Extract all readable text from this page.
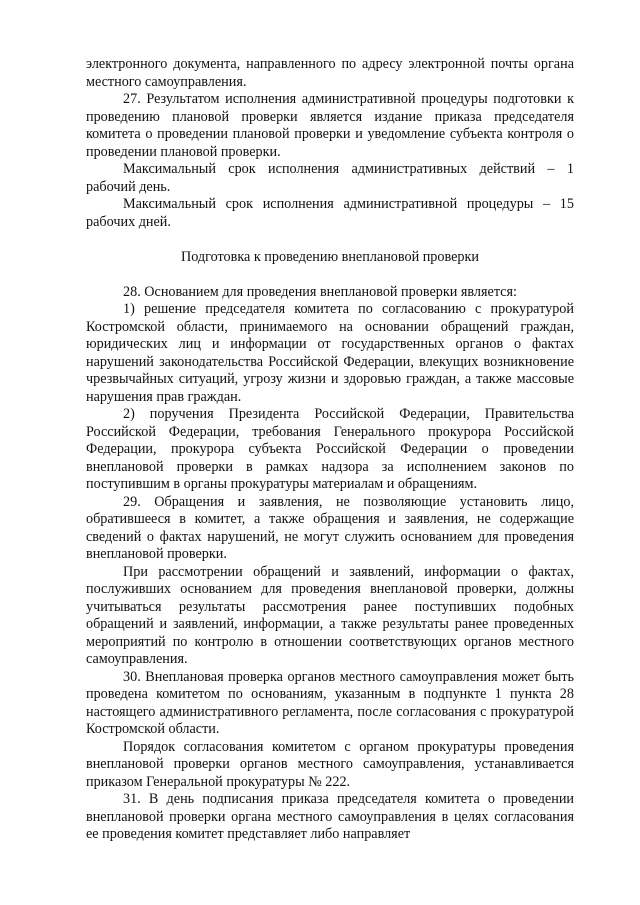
электронного документа, направленного по адресу электронной почты органа местного самоуправления.

27. Результатом исполнения административной процедуры подготовки к проведению плановой проверки является издание приказа председателя комитета о проведении плановой проверки и уведомление субъекта контроля о проведении плановой проверки.

Максимальный срок исполнения административных действий – 1 рабочий день.

Максимальный срок исполнения административной процедуры – 15 рабочих дней.

Подготовка к проведению внеплановой проверки

28. Основанием для проведения внеплановой проверки является:

1) решение председателя комитета по согласованию с прокуратурой Костромской области, принимаемого на основании обращений граждан, юридических лиц и информации от государственных органов о фактах нарушений законодательства Российской Федерации, влекущих возникновение чрезвычайных ситуаций, угрозу жизни и здоровью граждан, а также массовые нарушения прав граждан.

2) поручения Президента Российской Федерации, Правительства Российской Федерации, требования Генерального прокурора Российской Федерации, прокурора субъекта Российской Федерации о проведении внеплановой проверки в рамках надзора за исполнением законов по поступившим в органы прокуратуры материалам и обращениям.

29. Обращения и заявления, не позволяющие установить лицо, обратившееся в комитет, а также обращения и заявления, не содержащие сведений о фактах нарушений, не могут служить основанием для проведения внеплановой проверки.

При рассмотрении обращений и заявлений, информации о фактах, послуживших основанием для проведения внеплановой проверки, должны учитываться результаты рассмотрения ранее поступивших подобных обращений и заявлений, информации, а также результаты ранее проведенных мероприятий по контролю в отношении соответствующих органов местного самоуправления.

30. Внеплановая проверка органов местного самоуправления может быть проведена комитетом по основаниям, указанным в подпункте 1 пункта 28 настоящего административного регламента, после согласования с прокуратурой Костромской области.

Порядок согласования комитетом с органом прокуратуры проведения внеплановой проверки органов местного самоуправления, устанавливается приказом Генеральной прокуратуры № 222.

31. В день подписания приказа председателя комитета о проведении внеплановой проверки органа местного самоуправления в целях согласования ее проведения комитет представляет либо направляет
